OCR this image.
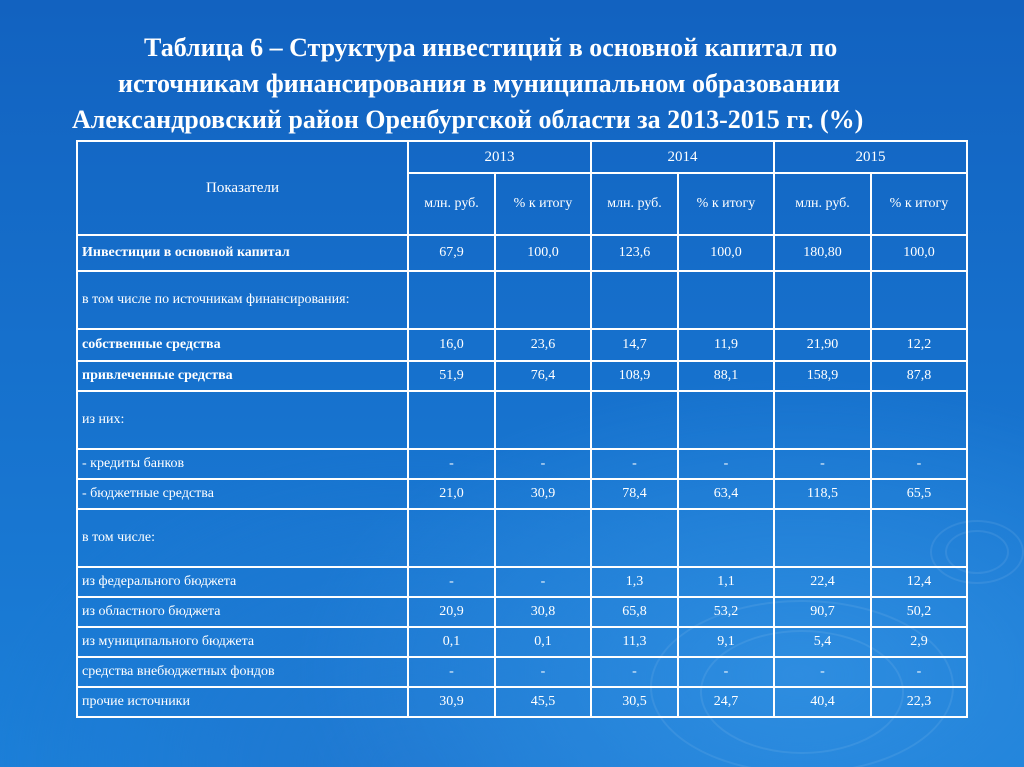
Таблица 6 – Структура инвестиций в основной капитал по
источникам финансирования в муниципальном образовании
Александровский район Оренбургской области за 2013-2015 гг. (%)
Показатели	2013		2014		2015	
	млн. руб.	% к итогу	млн. руб.	% к итогу	млн. руб.	% к итогу
Инвестиции в основной капитал	67,9	100,0	123,6	100,0	180,80	100,0
в том числе по источникам финансирования:						
собственные средства	16,0	23,6	14,7	11,9	21,90	12,2
привлеченные средства	51,9	76,4	108,9	88,1	158,9	87,8
из них:						
- кредиты банков	-	-	-	-	-	-
- бюджетные средства	21,0	30,9	78,4	63,4	118,5	65,5
в том числе:						
из федерального бюджета	-	-	1,3	1,1	22,4	12,4
из областного бюджета	20,9	30,8	65,8	53,2	90,7	50,2
из муниципального бюджета	0,1	0,1	11,3	9,1	5,4	2,9
средства внебюджетных фондов	-	-	-	-	-	-
прочие источники	30,9	45,5	30,5	24,7	40,4	22,3
